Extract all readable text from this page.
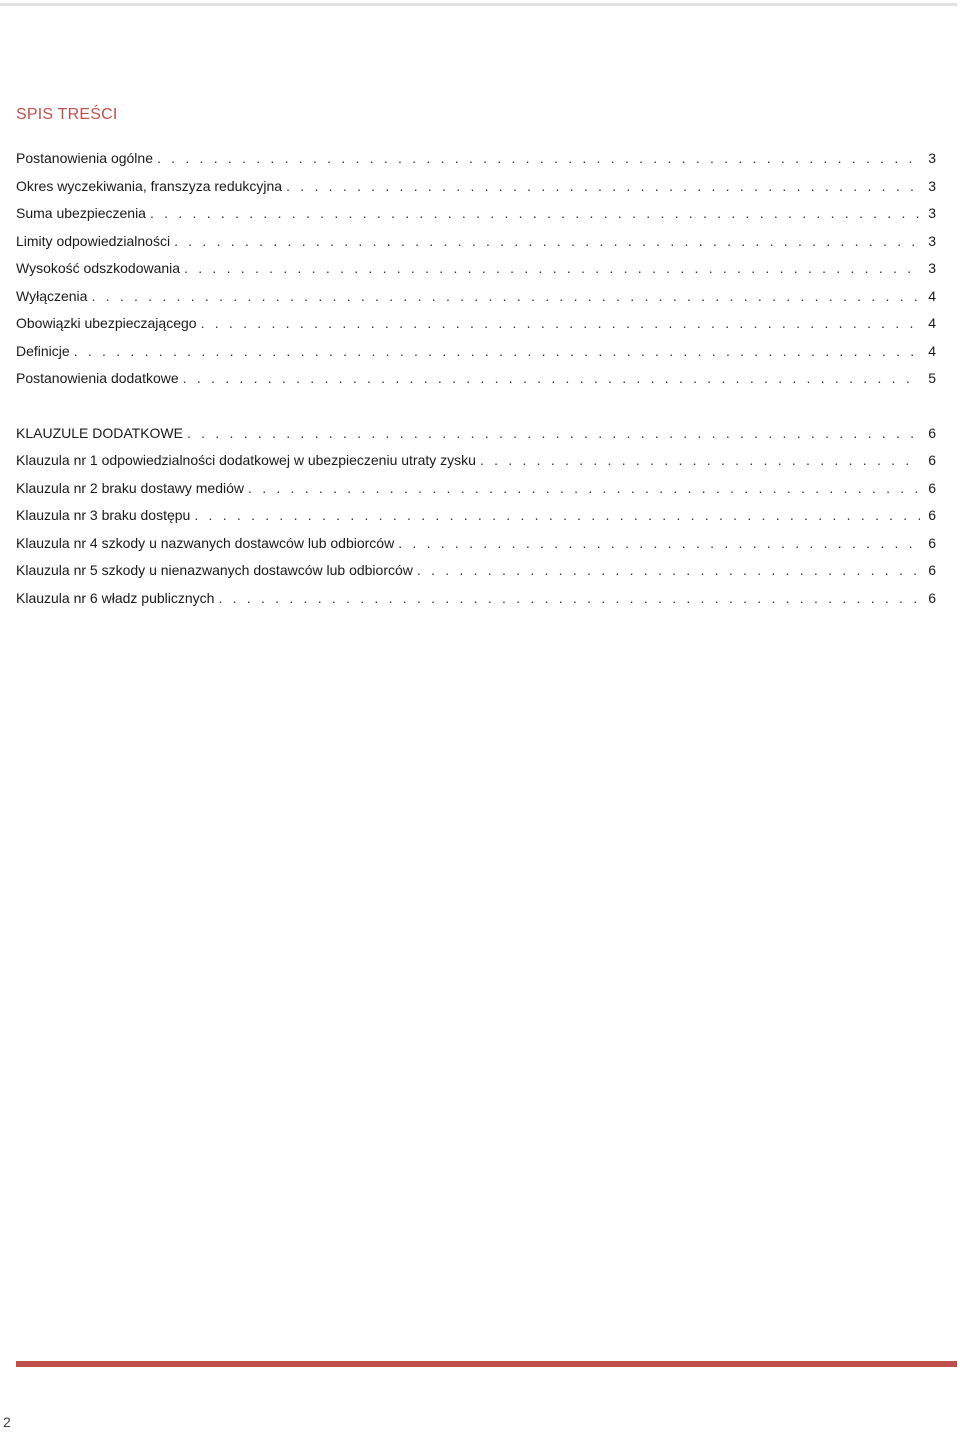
SPIS TREŚCI
Postanowienia ogólne . . .	3
Okres wyczekiwania, franszyza redukcyjna . . .	3
Suma ubezpieczenia . . .	3
Limity odpowiedzialności . . .	3
Wysokość odszkodowania . . .	3
Wyłączenia . . .	4
Obowiązki ubezpieczającego . . .	4
Definicje . . .	4
Postanowienia dodatkowe . . .	5
KLAUZULE DODATKOWE . . .	6
Klauzula nr 1 odpowiedzialności dodatkowej w ubezpieczeniu utraty zysku . . .	6
Klauzula nr 2 braku dostawy mediów . . .	6
Klauzula nr 3 braku dostępu . . .	6
Klauzula nr 4 szkody u nazwanych dostawców lub odbiorców . . .	6
Klauzula nr 5 szkody u nienazwanych dostawców lub odbiorców . . .	6
Klauzula nr 6 władz publicznych . . .	6
2
